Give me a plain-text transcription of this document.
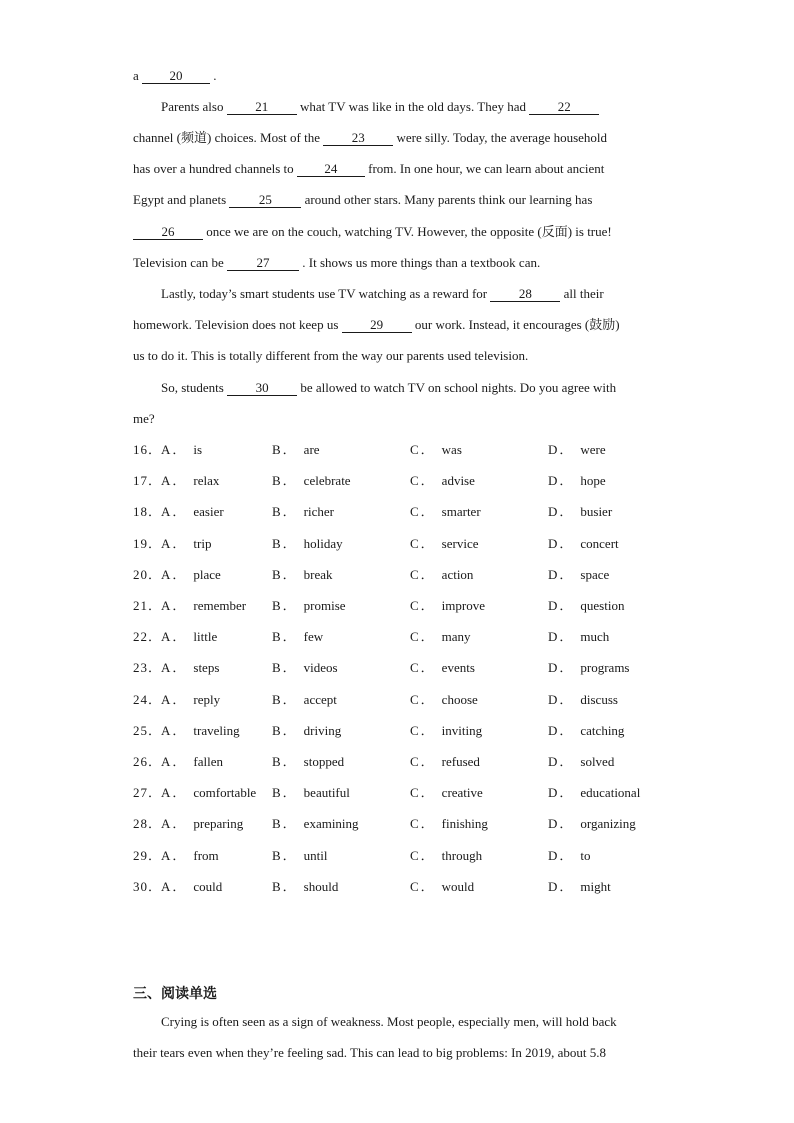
a 20 .
Parents also 21 what TV was like in the old days. They had 22
channel (频道) choices. Most of the 23 were silly. Today, the average household
has over a hundred channels to 24 from. In one hour, we can learn about ancient
Egypt and planets 25 around other stars. Many parents think our learning has
26 once we are on the couch, watching TV. However, the opposite (反面) is true!
Television can be 27 . It shows us more things than a textbook can.
Lastly, today’s smart students use TV watching as a reward for 28 all their
homework. Television does not keep us 29 our work. Instead, it encourages (鼓励)
us to do it. This is totally different from the way our parents used television.
So, students 30 be allowed to watch TV on school nights. Do you agree with
me?
16．
A． is	B． are	C． was	D． were
17．
A． relax	B． celebrate	C． advise	D． hope
18．
A． easier	B． richer	C． smarter	D． busier
19．
A． trip	B． holiday	C． service	D． concert
20．
A． place	B． break	C． action	D． space
21．
A． remember B． promise	C． improve	D． question
22．
A． little	B． few	C． many	D． much
23．
A． steps	B． videos	C． events	D． programs
24．
A． reply	B． accept	C． choose	D． discuss
25．
A． traveling B． driving	C． inviting	D． catching
26．
A． fallen	B． stopped	C． refused	D． solved
27．
A． comfortable B． beautiful	C． creative	D． educational
28．
A． preparing B． examining	C． finishing	D． organizing
29．
A． from	B． until	C． through	D． to
30．
A． could	B． should	C． would	D． might
三、阅读单选
Crying is often seen as a sign of weakness. Most people, especially men, will hold back
their tears even when they’re feeling sad. This can lead to big problems: In 2019, about 5.8
